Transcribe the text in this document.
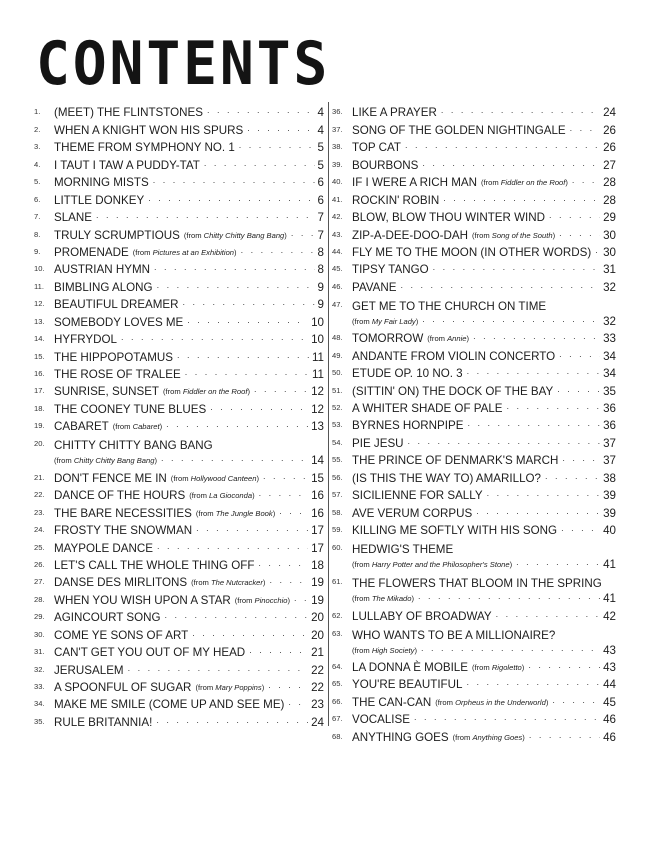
CONTENTS
1.	(MEET) THE FLINTSTONES . . .	4
2.	WHEN A KNIGHT WON HIS SPURS . . .	4
3.	THEME FROM SYMPHONY NO. 1 . . .	5
4.	I TAUT I TAW A PUDDY-TAT . . .	5
5.	MORNING MISTS . . .	6
6.	LITTLE DONKEY . . .	6
7.	SLANE . . .	7
8.	TRULY SCRUMPTIOUS (from Chitty Chitty Bang Bang) . . .	7
9.	PROMENADE (from Pictures at an Exhibition) . . .	8
10. AUSTRIAN HYMN . . .	8
11. BIMBLING ALONG . . .	9
12. BEAUTIFUL DREAMER . . .	9
13. SOMEBODY LOVES ME . . .	10
14. HYFRYDOL . . .	10
15. THE HIPPOPOTAMUS . . .	11
16. THE ROSE OF TRALEE . . .	11
17. SUNRISE, SUNSET (from Fiddler on the Roof) . . .	12
18. THE COONEY TUNE BLUES . . .	12
19. CABARET (from Cabaret) . . .	13
20. CHITTY CHITTY BANG BANG
(from Chitty Chitty Bang Bang) . . .	14
21. DON'T FENCE ME IN (from Hollywood Canteen) . . .	15
22. DANCE OF THE HOURS (from La Gioconda) . . .	16
23. THE BARE NECESSITIES (from The Jungle Book) . . .	16
24. FROSTY THE SNOWMAN . . .	17
25. MAYPOLE DANCE . . .	17
26. LET'S CALL THE WHOLE THING OFF . . .	18
27. DANSE DES MIRLITONS (from The Nutcracker) . . .	19
28. WHEN YOU WISH UPON A STAR (from Pinocchio) . . . 19
29. AGINCOURT SONG . . .	20
30. COME YE SONS OF ART . . .	20
31. CAN'T GET YOU OUT OF MY HEAD . . .	21
32. JERUSALEM . . .	22
33. A SPOONFUL OF SUGAR (from Mary Poppins) . . .	22
34. MAKE ME SMILE (COME UP AND SEE ME) . . . 23
35. RULE BRITANNIA! . . .	24
36. LIKE A PRAYER . . .	24
37. SONG OF THE GOLDEN NIGHTINGALE . . .	26
38. TOP CAT . . .	26
39. BOURBONS . . .	27
40. IF I WERE A RICH MAN (from Fiddler on the Roof) . . .	28
41. ROCKIN' ROBIN . . .	28
42. BLOW, BLOW THOU WINTER WIND . . .	29
43. ZIP-A-DEE-DOO-DAH (from Song of the South) . . .	30
44. FLY ME TO THE MOON (IN OTHER WORDS) . . . 30
45. TIPSY TANGO . . .	31
46. PAVANE . . .	32
47. GET ME TO THE CHURCH ON TIME
(from My Fair Lady) . . .	32
48. TOMORROW (from Annie) . . .	33
49. ANDANTE FROM VIOLIN CONCERTO . . .	34
50. ETUDE OP. 10 NO. 3 . . .	34
51. (SITTIN' ON) THE DOCK OF THE BAY . . .	35
52. A WHITER SHADE OF PALE . . .	36
53. BYRNES HORNPIPE . . .	36
54. PIE JESU . . .	37
55. THE PRINCE OF DENMARK'S MARCH . . .	37
56. (IS THIS THE WAY TO) AMARILLO? . . .	38
57. SICILIENNE FOR SALLY . . .	39
58. AVE VERUM CORPUS . . .	39
59. KILLING ME SOFTLY WITH HIS SONG . . .	40
60. HEDWIG'S THEME
(from Harry Potter and the Philosopher's Stone) . . .	41
61. THE FLOWERS THAT BLOOM IN THE SPRING
(from The Mikado) . . .	41
62. LULLABY OF BROADWAY . . .	42
63. WHO WANTS TO BE A MILLIONAIRE?
(from High Society) . . .	43
64. LA DONNA È MOBILE (from Rigoletto) . . .	43
65. YOU'RE BEAUTIFUL . . .	44
66. THE CAN-CAN (from Orpheus in the Underworld) . . .	45
67. VOCALISE . . .	46
68. ANYTHING GOES (from Anything Goes) . . .	46
